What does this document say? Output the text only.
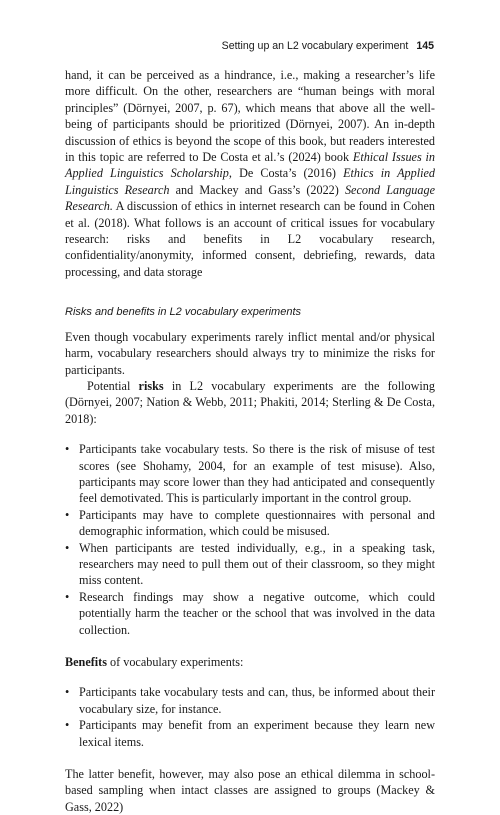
Setting up an L2 vocabulary experiment 145

hand, it can be perceived as a hindrance, i.e., making a researcher’s life more difficult. On the other, researchers are “human beings with moral principles” (Dörnyei, 2007, p. 67), which means that above all the well-being of participants should be prioritized (Dörnyei, 2007). An in-depth discussion of ethics is beyond the scope of this book, but readers interested in this topic are referred to De Costa et al.’s (2024) book Ethical Issues in Applied Linguistics Scholarship, De Costa’s (2016) Ethics in Applied Linguistics Research and Mackey and Gass’s (2022) Second Language Research. A discussion of ethics in internet research can be found in Cohen et al. (2018). What follows is an account of critical issues for vocabulary research: risks and benefits in L2 vocabulary research, confidentiality/anonymity, informed consent, debriefing, rewards, data processing, and data storage

Risks and benefits in L2 vocabulary experiments

Even though vocabulary experiments rarely inflict mental and/or physical harm, vocabulary researchers should always try to minimize the risks for participants.

Potential risks in L2 vocabulary experiments are the following (Dörnyei, 2007; Nation & Webb, 2011; Phakiti, 2014; Sterling & De Costa, 2018):

• Participants take vocabulary tests. So there is the risk of misuse of test scores (see Shohamy, 2004, for an example of test misuse). Also, participants may score lower than they had anticipated and consequently feel demotivated. This is particularly important in the control group.
• Participants may have to complete questionnaires with personal and demographic information, which could be misused.
• When participants are tested individually, e.g., in a speaking task, researchers may need to pull them out of their classroom, so they might miss content.
• Research findings may show a negative outcome, which could potentially harm the teacher or the school that was involved in the data collection.

Benefits of vocabulary experiments:

• Participants take vocabulary tests and can, thus, be informed about their vocabulary size, for instance.
• Participants may benefit from an experiment because they learn new lexical items.

The latter benefit, however, may also pose an ethical dilemma in school-based sampling when intact classes are assigned to groups (Mackey & Gass, 2022)
